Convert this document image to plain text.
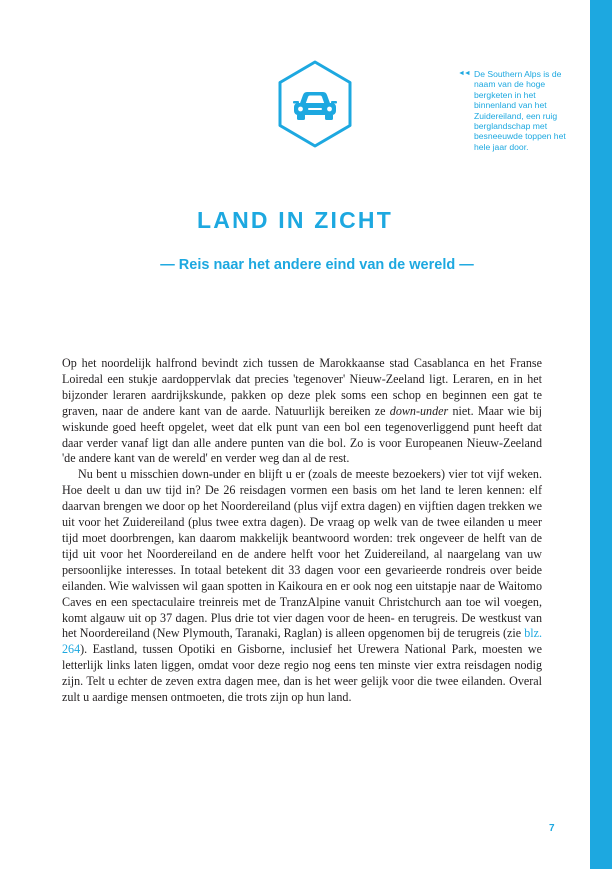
◄◄ De Southern Alps is de naam van de hoge bergketen in het binnenland van het Zuidereiland, een ruig berglandschap met besneeuwde toppen het hele jaar door.
LAND IN ZICHT
— Reis naar het andere eind van de wereld —

Op het noordelijk halfrond bevindt zich tussen de Marokkaanse stad Casablanca en het Franse Loiredal een stukje aardoppervlak dat precies 'tegenover' Nieuw-Zeeland ligt. Leraren, en in het bijzonder leraren aardrijkskunde, pakken op deze plek soms een schop en beginnen een gat te graven, naar de andere kant van de aarde. Natuurlijk bereiken ze down-under niet. Maar wie bij wiskunde goed heeft opgelet, weet dat elk punt van een bol een tegenoverliggend punt heeft dat daar verder vanaf ligt dan alle andere punten van die bol. Zo is voor Europeanen Nieuw-Zeeland 'de andere kant van de wereld' en verder weg dan al de rest.

Nu bent u misschien down-under en blijft u er (zoals de meeste bezoekers) vier tot vijf weken. Hoe deelt u dan uw tijd in? De 26 reisdagen vormen een basis om het land te leren kennen: elf daarvan brengen we door op het Noordereiland (plus vijf extra dagen) en vijftien dagen trekken we uit voor het Zuidereiland (plus twee extra dagen). De vraag op welk van de twee eilanden u meer tijd moet doorbrengen, kan daarom makkelijk beantwoord worden: trek ongeveer de helft van de tijd uit voor het Noordereiland en de andere helft voor het Zuidereiland, al naargelang van uw persoonlijke interesses. In totaal betekent dit 33 dagen voor een gevarieerde rondreis over beide eilanden. Wie walvissen wil gaan spotten in Kaikoura en er ook nog een uitstapje naar de Waitomo Caves en een spectaculaire treinreis met de TranzAlpine vanuit Christchurch aan toe wil voegen, komt algauw uit op 37 dagen. Plus drie tot vier dagen voor de heen- en terugreis. De westkust van het Noordereiland (New Plymouth, Taranaki, Raglan) is alleen opgenomen bij de terugreis (zie blz. 264). Eastland, tussen Opotiki en Gisborne, inclusief het Urewera National Park, moesten we letterlijk links laten liggen, omdat voor deze regio nog eens ten minste vier extra reisdagen nodig zijn. Telt u echter de zeven extra dagen mee, dan is het weer gelijk voor die twee eilanden. Overal zult u aardige mensen ontmoeten, die trots zijn op hun land.

7
